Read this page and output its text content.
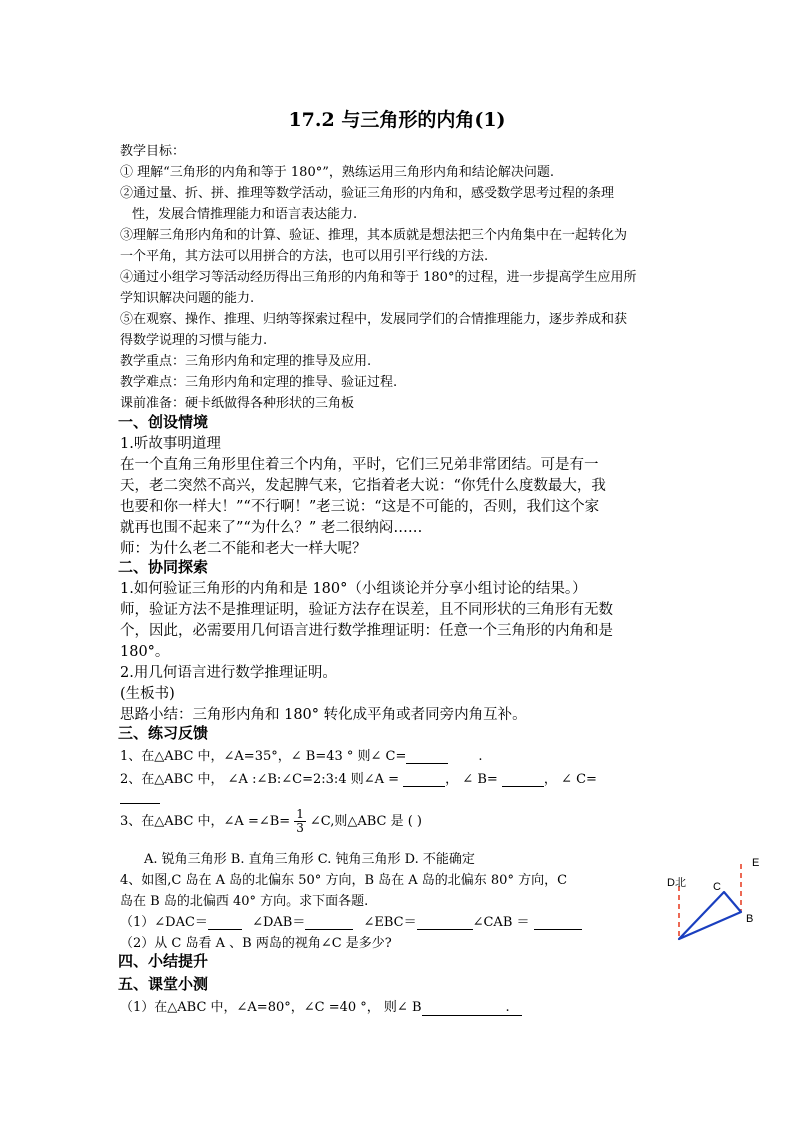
17.2 与三角形的内角(1)
教学目标：
① 理解“三角形的内角和等于 180°”，熟练运用三角形内角和结论解决问题.
②通过量、折、拼、推理等数学活动，验证三角形的内角和，感受数学思考过程的条理
性，发展合情推理能力和语言表达能力.
③理解三角形内角和的计算、验证、推理，其本质就是想法把三个内角集中在一起转化为
一个平角，其方法可以用拼合的方法，也可以用引平行线的方法.
④通过小组学习等活动经历得出三角形的内角和等于 180°的过程，进一步提高学生应用所
学知识解决问题的能力.
⑤在观察、操作、推理、归纳等探索过程中，发展同学们的合情推理能力，逐步养成和获
得数学说理的习惯与能力.
教学重点：三角形内角和定理的推导及应用.
教学难点：三角形内角和定理的推导、验证过程.
课前准备：硬卡纸做得各种形状的三角板
一、创设情境
1.听故事明道理
在一个直角三角形里住着三个内角，平时，它们三兄弟非常团结。可是有一
天，老二突然不高兴，发起脾气来，它指着老大说：“你凭什么度数最大，我
也要和你一样大！”“不行啊！”老三说：“这是不可能的，否则，我们这个家
就再也围不起来了”“为什么？” 老二很纳闷……
师：为什么老二不能和老大一样大呢？
二、协同探索
1.如何验证三角形的内角和是 180°（小组谈论并分享小组讨论的结果。）
师，验证方法不是推理证明，验证方法存在误差，且不同形状的三角形有无数
个，因此，必需要用几何语言进行数学推理证明：任意一个三角形的内角和是
180°。
2.用几何语言进行数学推理证明。
(生板书)
思路小结：三角形内角和 180° 转化成平角或者同旁内角互补。
三、练习反馈
1、在△ABC 中，∠A=35°，∠ B=43 ° 则∠ C=	.
2、在△ABC 中， ∠A :∠B:∠C=2:3:4 则∠A =	， ∠ B=	， ∠ C=
3、在△ABC 中，∠A =∠B= $\frac{1}{3}$ ∠C,则△ABC 是 ( )
A. 锐角三角形 B. 直角三角形 C. 钝角三角形 D. 不能确定
4、如图,C 岛在 A 岛的北偏东 50° 方向，B 岛在 A 岛的北偏东 80° 方向，C
岛在 B 岛的北偏西 40° 方向。求下面各题.
（1）∠DAC＝	∠DAB＝	∠EBC＝	∠CAB ＝
（2）从 C 岛看 A 、B 两岛的视角∠C 是多少?
四、小结提升
五、课堂小测
（1）在△ABC 中，∠A=80°，∠C =40 °， 则∠ B	.
D北
E
C
B
